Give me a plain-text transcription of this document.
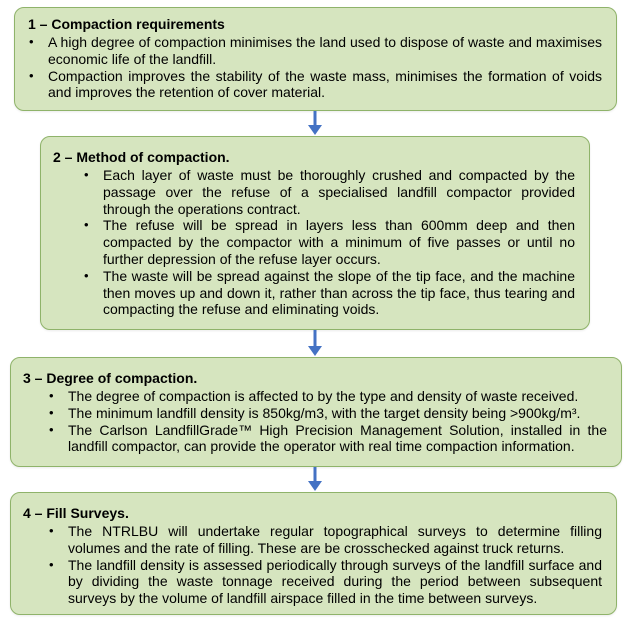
1 – Compaction requirements
• A high degree of compaction minimises the land used to dispose of waste and maximises economic life of the landfill.
• Compaction improves the stability of the waste mass, minimises the formation of voids and improves the retention of cover material.
2 – Method of compaction.
• Each layer of waste must be thoroughly crushed and compacted by the passage over the refuse of a specialised landfill compactor provided through the operations contract.
• The refuse will be spread in layers less than 600mm deep and then compacted by the compactor with a minimum of five passes or until no further depression of the refuse layer occurs.
• The waste will be spread against the slope of the tip face, and the machine then moves up and down it, rather than across the tip face, thus tearing and compacting the refuse and eliminating voids.
3 – Degree of compaction.
• The degree of compaction is affected to by the type and density of waste received.
• The minimum landfill density is 850kg/m3, with the target density being >900kg/m³.
• The Carlson LandfillGrade™ High Precision Management Solution, installed in the landfill compactor, can provide the operator with real time compaction information.
4 – Fill Surveys.
• The NTRLBU will undertake regular topographical surveys to determine filling volumes and the rate of filling. These are be crosschecked against truck returns.
• The landfill density is assessed periodically through surveys of the landfill surface and by dividing the waste tonnage received during the period between subsequent surveys by the volume of landfill airspace filled in the time between surveys.
